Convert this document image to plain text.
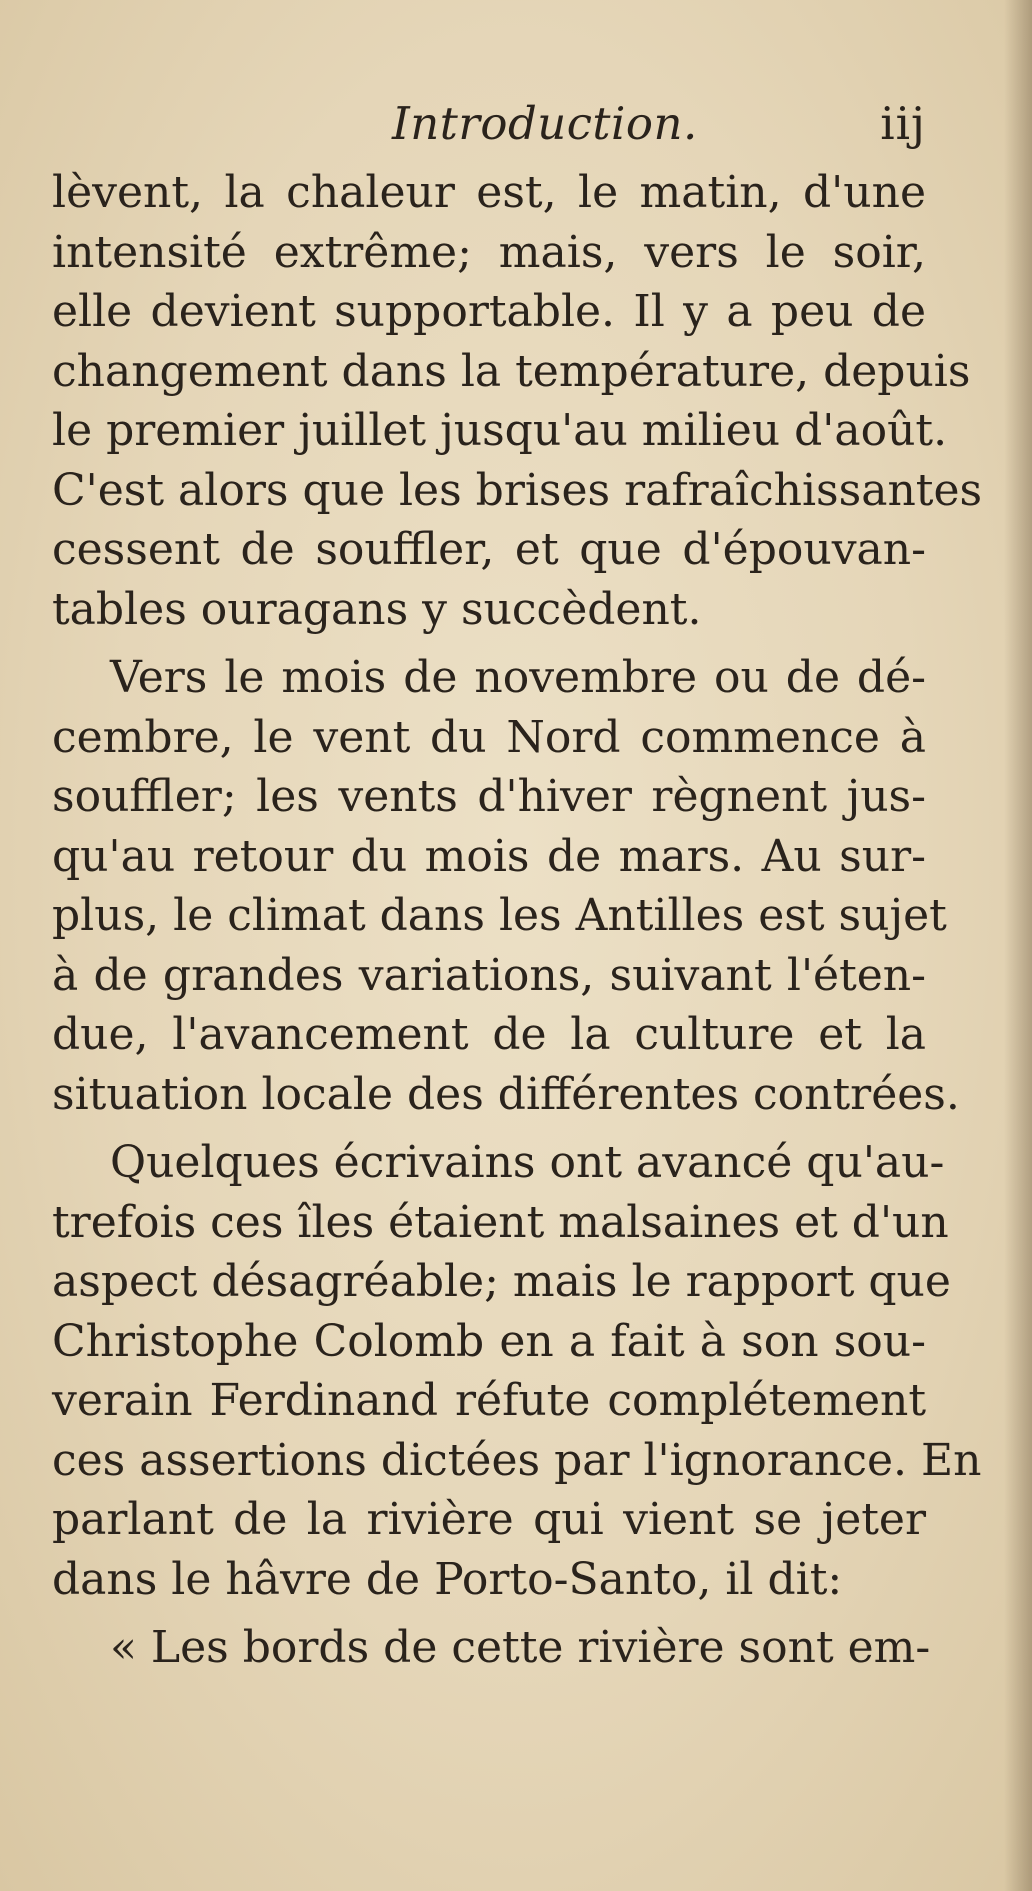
Introduction.	iij
lèvent, la chaleur est, le matin, d'une
intensité extrême; mais, vers le soir,
elle devient supportable. Il y a peu de
changement dans la température, depuis
le premier juillet jusqu'au milieu d'août.
C'est alors que les brises rafraîchissantes
cessent de souffler, et que d'épouvan-
tables ouragans y succèdent.
Vers le mois de novembre ou de dé-
cembre, le vent du Nord commence à
souffler; les vents d'hiver règnent jus-
qu'au retour du mois de mars. Au sur-
plus, le climat dans les Antilles est sujet
à de grandes variations, suivant l'éten-
due, l'avancement de la culture et la
situation locale des différentes contrées.
Quelques écrivains ont avancé qu'au-
trefois ces îles étaient malsaines et d'un
aspect désagréable; mais le rapport que
Christophe Colomb en a fait à son sou-
verain Ferdinand réfute complétement
ces assertions dictées par l'ignorance. En
parlant de la rivière qui vient se jeter
dans le hâvre de Porto-Santo, il dit:
« Les bords de cette rivière sont em-
